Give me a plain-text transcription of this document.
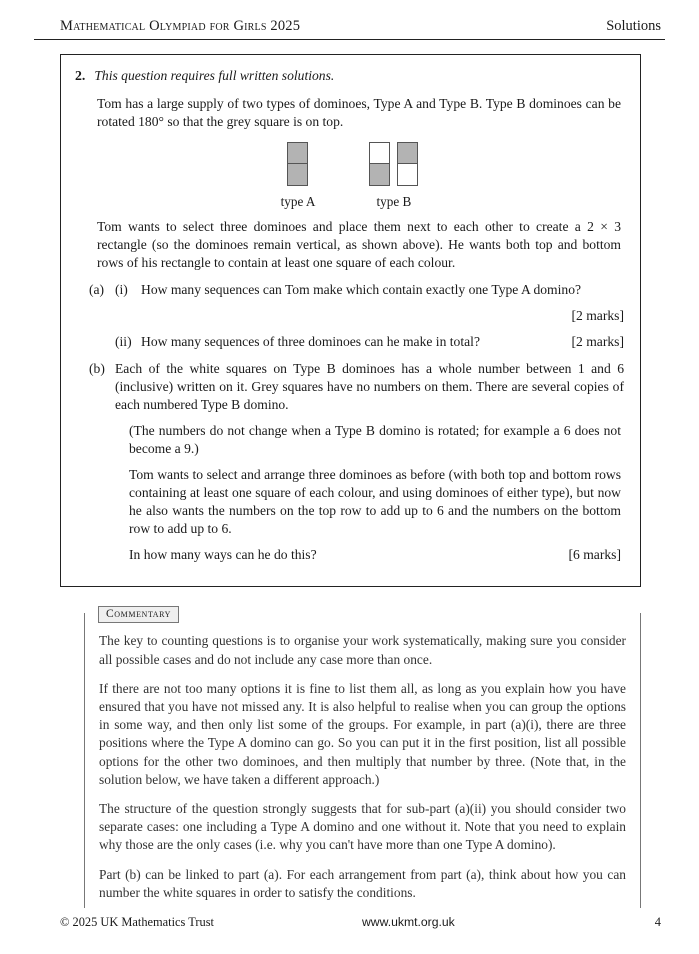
Mathematical Olympiad for Girls 2025	Solutions
2. This question requires full written solutions.

Tom has a large supply of two types of dominoes, Type A and Type B. Type B dominoes can be rotated 180° so that the grey square is on top.

type A	type B

Tom wants to select three dominoes and place them next to each other to create a 2 × 3 rectangle (so the dominoes remain vertical, as shown above). He wants both top and bottom rows of his rectangle to contain at least one square of each colour.

(a) (i) How many sequences can Tom make which contain exactly one Type A domino?
[2 marks]
(ii) How many sequences of three dominoes can he make in total?	[2 marks]
(b) Each of the white squares on Type B dominoes has a whole number between 1 and 6 (inclusive) written on it. Grey squares have no numbers on them. There are several copies of each numbered Type B domino.

(The numbers do not change when a Type B domino is rotated; for example a 6 does not become a 9.)

Tom wants to select and arrange three dominoes as before (with both top and bottom rows containing at least one square of each colour, and using dominoes of either type), but now he also wants the numbers on the top row to add up to 6 and the numbers on the bottom row to add up to 6.

In how many ways can he do this?	[6 marks]

Commentary

The key to counting questions is to organise your work systematically, making sure you consider all possible cases and do not include any case more than once.

If there are not too many options it is fine to list them all, as long as you explain how you have ensured that you have not missed any. It is also helpful to realise when you can group the options in some way, and then only list some of the groups. For example, in part (a)(i), there are three positions where the Type A domino can go. So you can put it in the first position, list all possible options for the other two dominoes, and then multiply that number by three. (Note that, in the solution below, we have taken a different approach.)

The structure of the question strongly suggests that for sub-part (a)(ii) you should consider two separate cases: one including a Type A domino and one without it. Note that you need to explain why those are the only cases (i.e. why you can't have more than one Type A domino).

Part (b) can be linked to part (a). For each arrangement from part (a), think about how you can number the white squares in order to satisfy the conditions.

© 2025 UK Mathematics Trust	www.ukmt.org.uk	4
